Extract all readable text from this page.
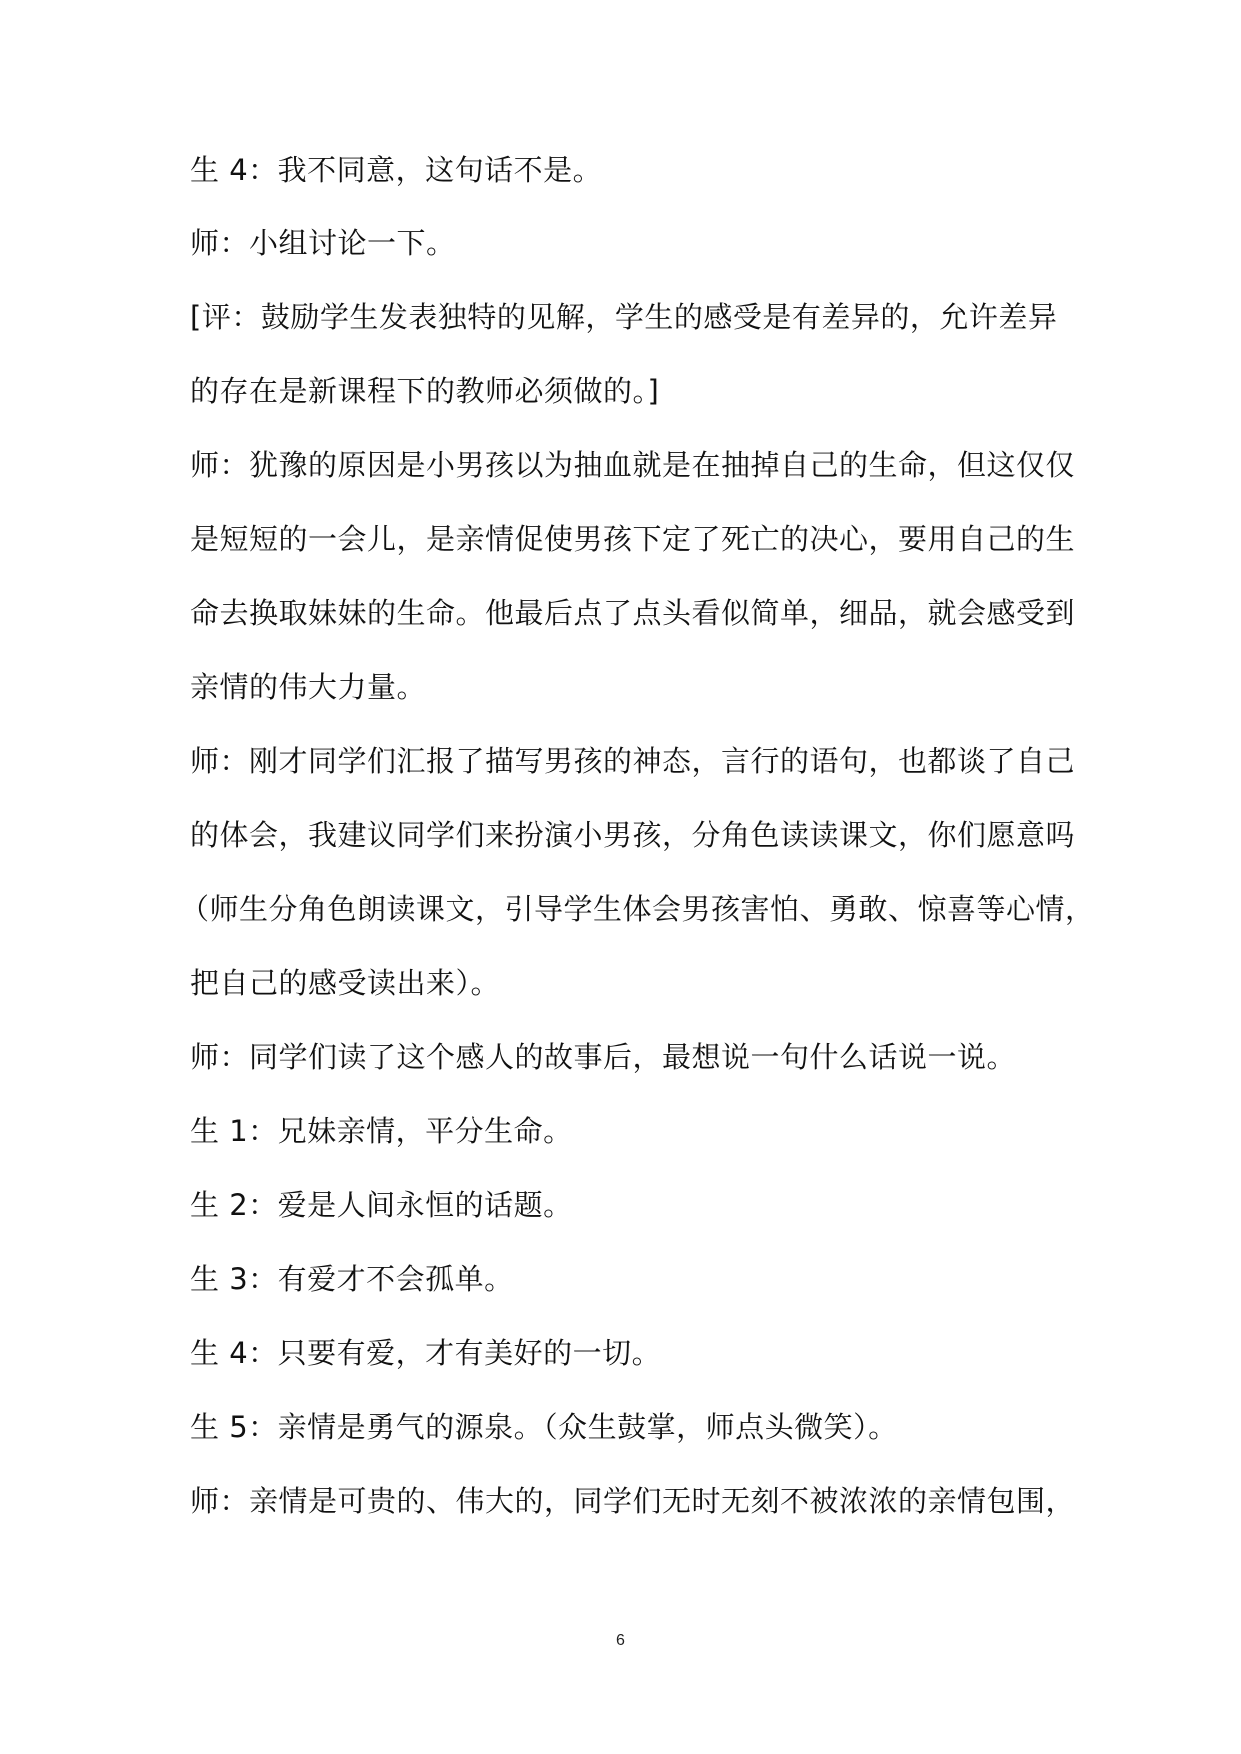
生 4：我不同意，这句话不是。
师：小组讨论一下。
[评：鼓励学生发表独特的见解，学生的感受是有差异的，允许差异
的存在是新课程下的教师必须做的。]
师：犹豫的原因是小男孩以为抽血就是在抽掉自己的生命，但这仅仅
是短短的一会儿，是亲情促使男孩下定了死亡的决心，要用自己的生
命去换取妹妹的生命。他最后点了点头看似简单，细品，就会感受到
亲情的伟大力量。
师：刚才同学们汇报了描写男孩的神态，言行的语句，也都谈了自己
的体会，我建议同学们来扮演小男孩，分角色读读课文，你们愿意吗
（师生分角色朗读课文，引导学生体会男孩害怕、勇敢、惊喜等心情，
把自己的感受读出来）。
师：同学们读了这个感人的故事后，最想说一句什么话说一说。
生 1：兄妹亲情，平分生命。
生 2：爱是人间永恒的话题。
生 3：有爱才不会孤单。
生 4：只要有爱，才有美好的一切。
生 5：亲情是勇气的源泉。（众生鼓掌，师点头微笑）。
师：亲情是可贵的、伟大的，同学们无时无刻不被浓浓的亲情包围，
6
